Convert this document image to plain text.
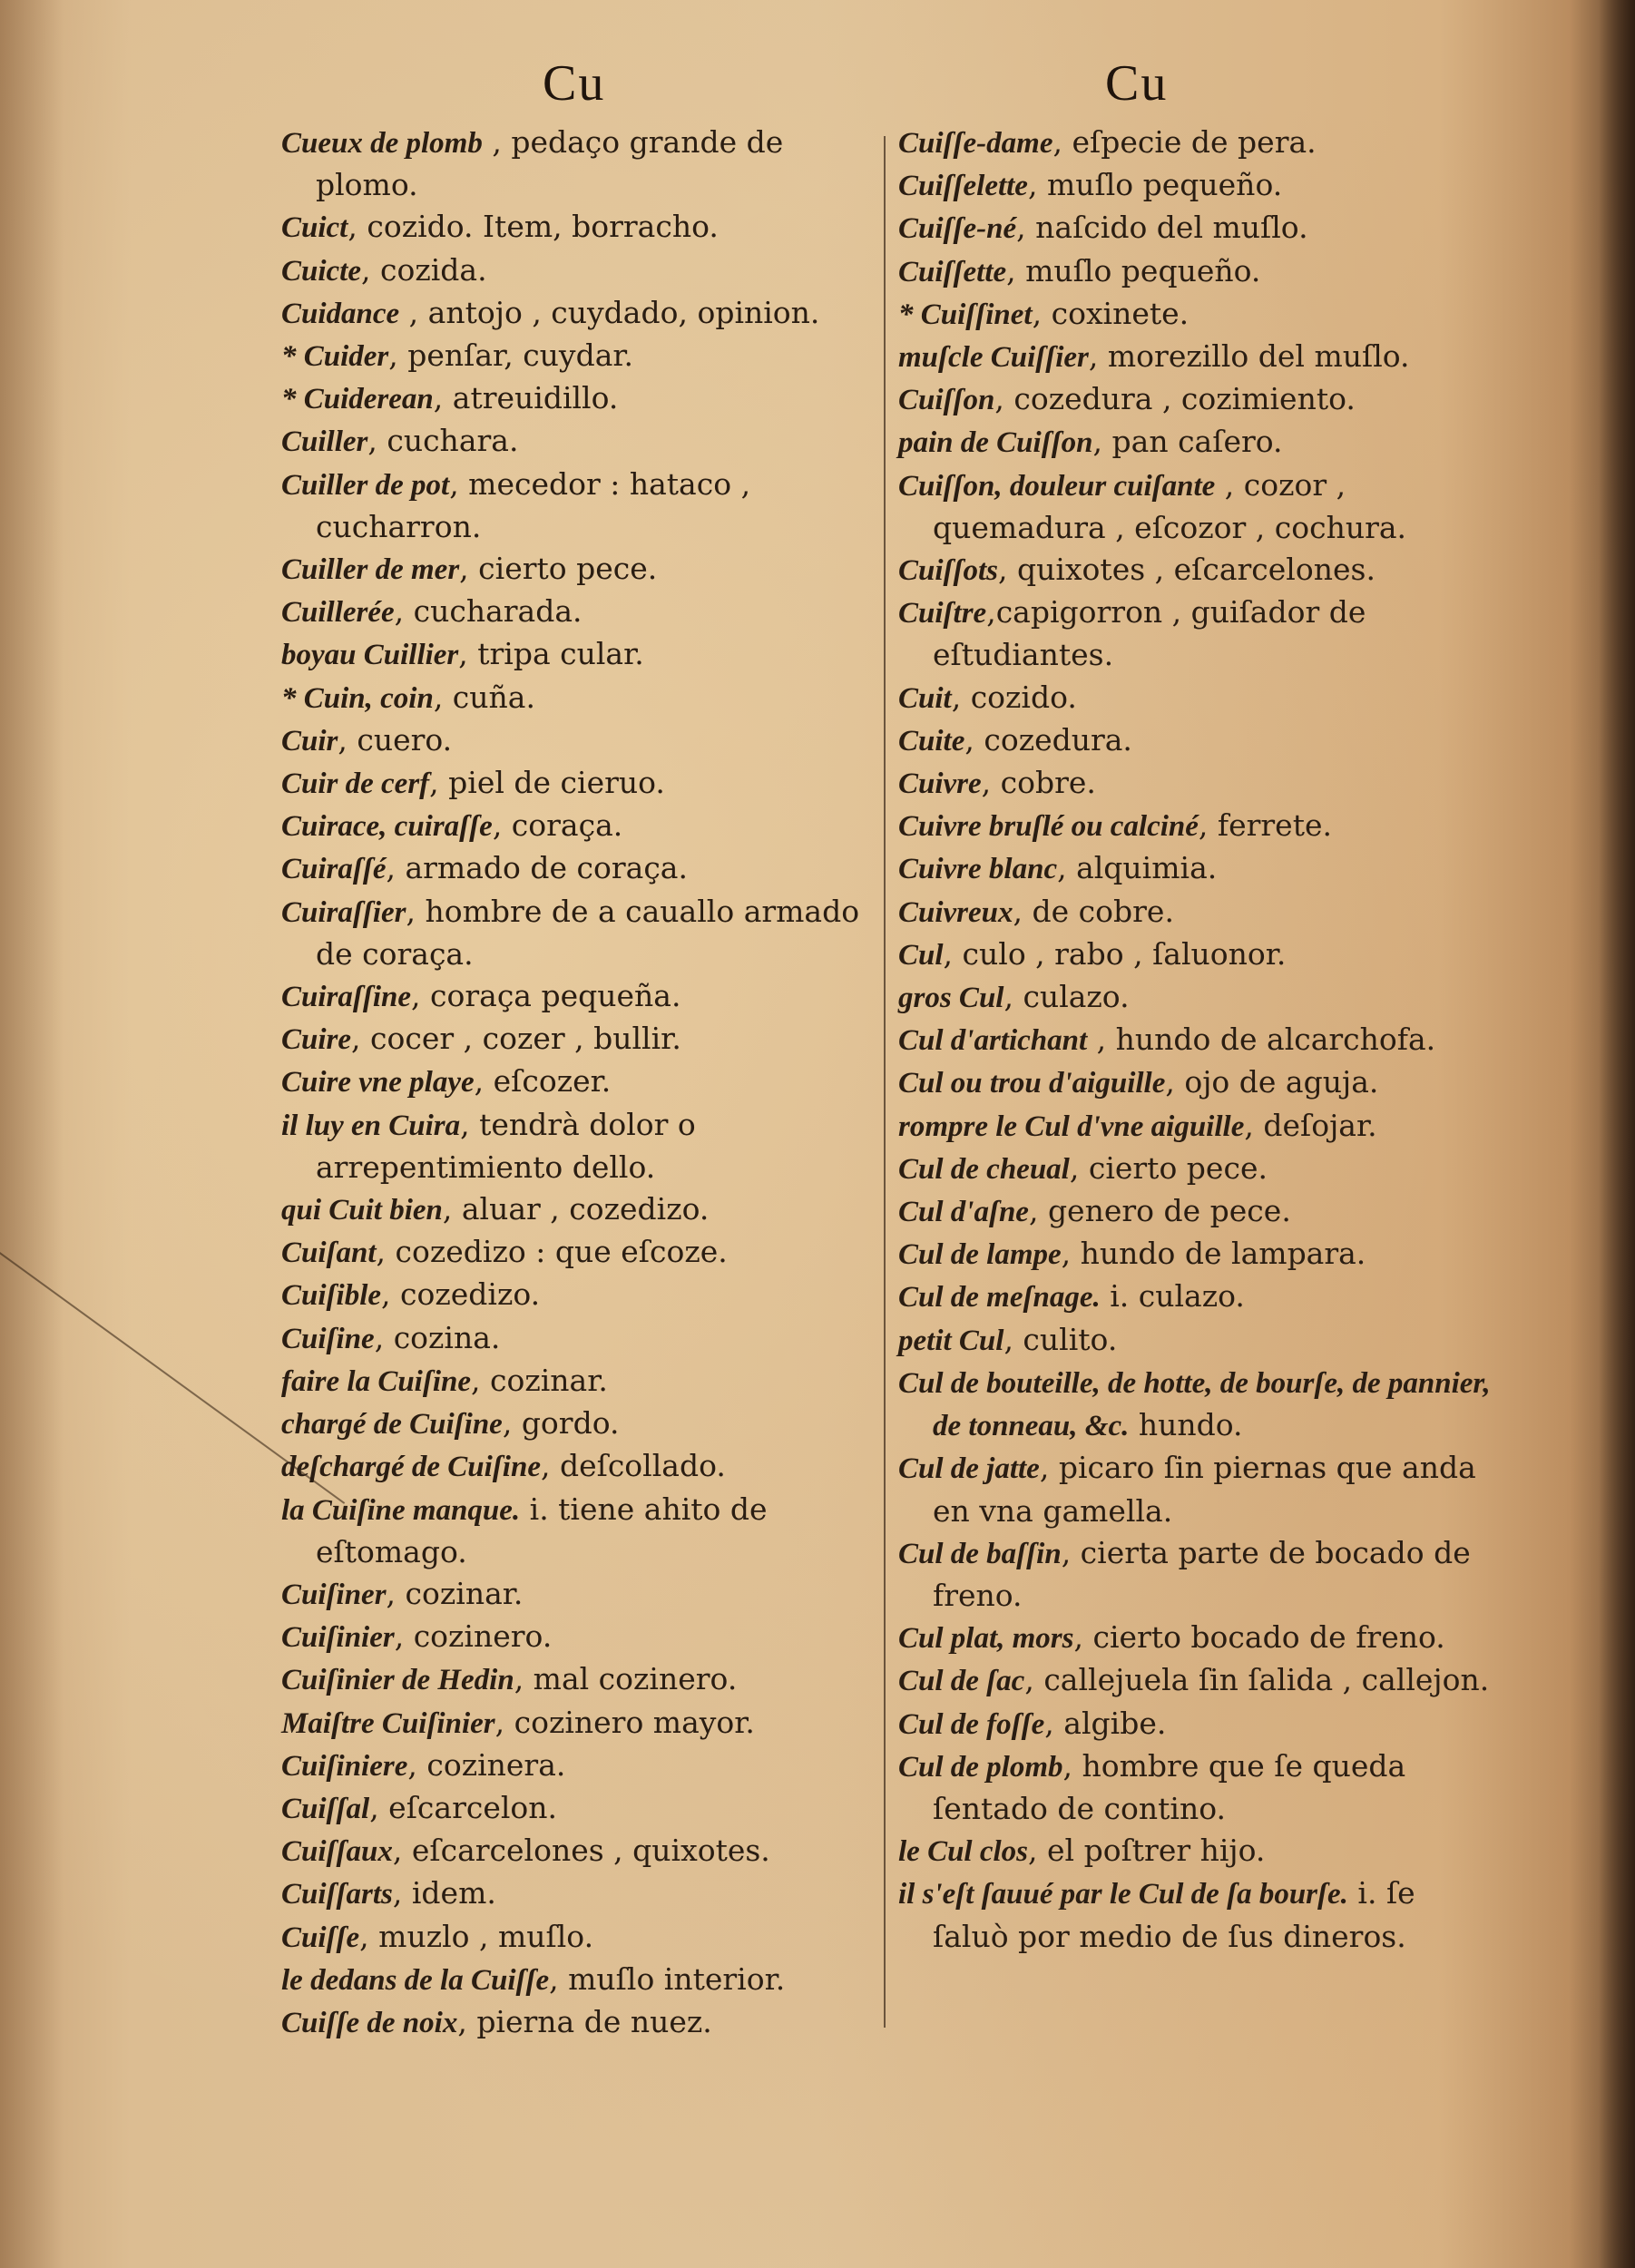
Cu	Cu

Cueux de plomb , pedaço grande de plomo.

Cuict, cozido. Item, borracho.

Cuicte, cozida.

Cuidance , antojo , cuydado, opinion.

* Cuider, penſar, cuydar.

* Cuiderean, atreuidillo.

Cuiller, cuchara.

Cuiller de pot, mecedor : hataco , cucharron.

Cuiller de mer, cierto pece.

Cuillerée, cucharada.

boyau Cuillier, tripa cular.

* Cuin, coin, cuña.

Cuir, cuero.

Cuir de cerf, piel de cieruo.

Cuirace, cuiraſſe, coraça.

Cuiraſſé, armado de coraça.

Cuiraſſier, hombre de a cauallo armado de coraça.

Cuiraſſine, coraça pequeña.

Cuire, cocer , cozer , bullir.

Cuire vne playe, eſcozer.

il luy en Cuira, tendrà dolor o arrepentimiento dello.

qui Cuit bien, aluar , cozedizo.

Cuiſant, cozedizo : que eſcoze.

Cuiſible, cozedizo.

Cuiſine, cozina.

faire la Cuiſine, cozinar.

chargé de Cuiſine, gordo.

deſchargé de Cuiſine, deſcollado.

la Cuiſine manque. i. tiene ahito de eſtomago.

Cuiſiner, cozinar.

Cuiſinier, cozinero.

Cuiſinier de Hedin, mal cozinero.

Maiſtre Cuiſinier, cozinero mayor.

Cuiſiniere, cozinera.

Cuiſſal, eſcarcelon.

Cuiſſaux, eſcarcelones , quixotes.

Cuiſſarts, idem.

Cuiſſe, muzlo , muſlo.

le dedans de la Cuiſſe, muſlo interior.

Cuiſſe de noix, pierna de nuez.

Cuiſſe-dame, eſpecie de pera.

Cuiſſelette, muſlo pequeño.

Cuiſſe-né, naſcido del muſlo.

Cuiſſette, muſlo pequeño.

* Cuiſſinet, coxinete.

muſcle Cuiſſier, morezillo del muſlo.

Cuiſſon, cozedura , cozimiento.

pain de Cuiſſon, pan caſero.

Cuiſſon, douleur cuiſante , cozor , quemadura , eſcozor , cochura.

Cuiſſots, quixotes , eſcarcelones.

Cuiſtre,capigorron , guiſador de eſtudiantes.

Cuit, cozido.

Cuite, cozedura.

Cuivre, cobre.

Cuivre bruſlé ou calciné, ferrete.

Cuivre blanc, alquimia.

Cuivreux, de cobre.

Cul, culo , rabo , ſaluonor.

gros Cul, culazo.

Cul d'artichant , hundo de alcarchofa.

Cul ou trou d'aiguille, ojo de aguja.

rompre le Cul d'vne aiguille, deſojar.

Cul de cheual, cierto pece.

Cul d'aſne, genero de pece.

Cul de lampe, hundo de lampara.

Cul de meſnage. i. culazo.

petit Cul, culito.

Cul de bouteille, de hotte, de bourſe, de pannier, de tonneau, &c. hundo.

Cul de jatte, picaro ſin piernas que anda en vna gamella.

Cul de baſſin, cierta parte de bocado de freno.

Cul plat, mors, cierto bocado de freno.

Cul de ſac, callejuela ſin ſalida , callejon.

Cul de foſſe, algibe.

Cul de plomb, hombre que ſe queda ſentado de contino.

le Cul clos, el poſtrer hijo.

il s'eſt ſauué par le Cul de ſa bourſe. i. ſe ſaluò por medio de ſus dineros.
